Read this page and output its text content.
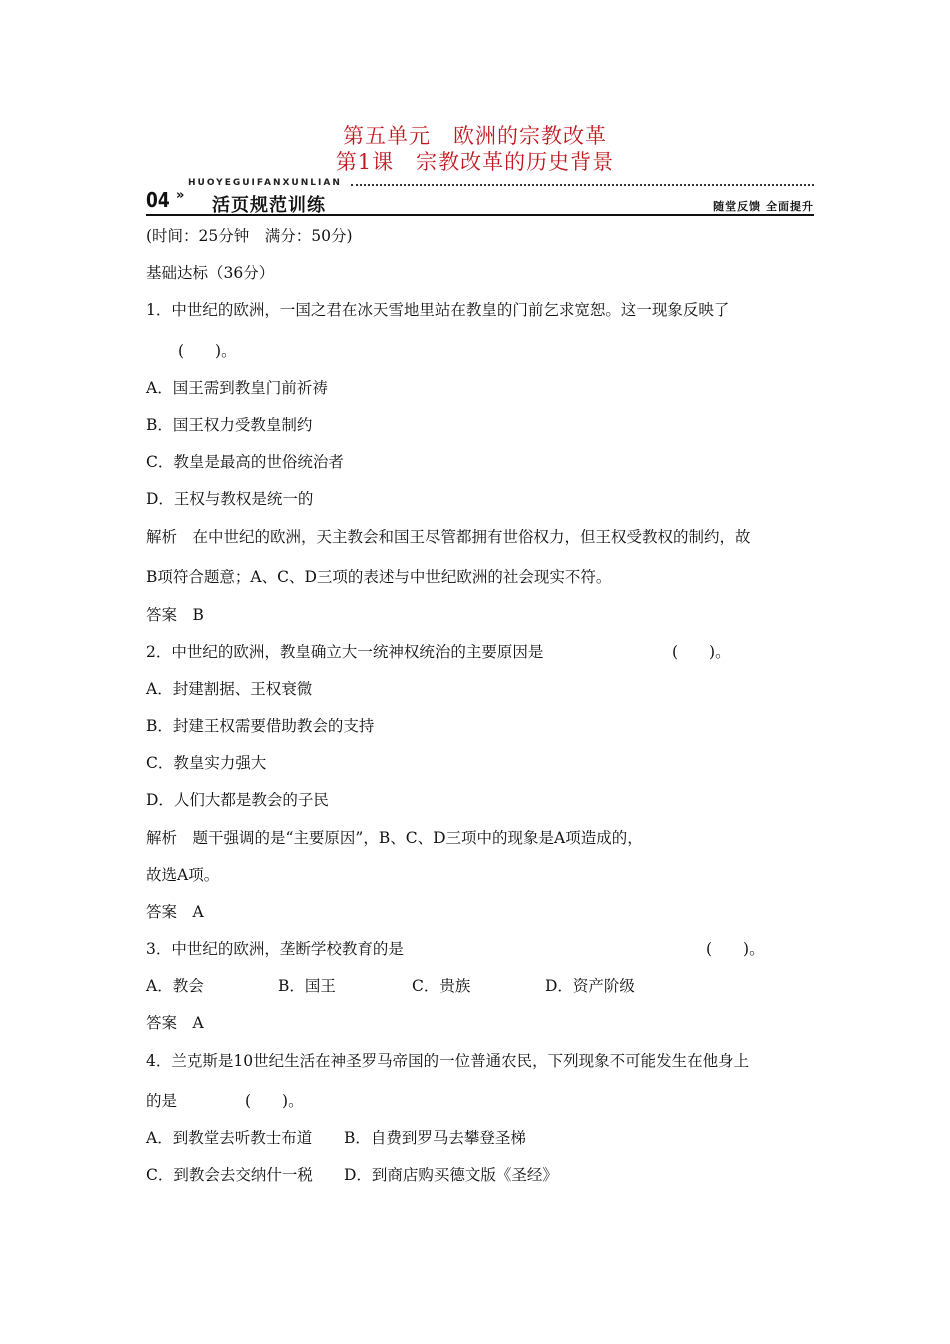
第五单元　欧洲的宗教改革
第1课　宗教改革的历史背景
HUOYEGUIFANXUNLIAN
04 » 活页规范训练	随堂反馈 全面提升
(时间：25分钟　满分：50分)
基础达标（36分）
1．中世纪的欧洲，一国之君在冰天雪地里站在教皇的门前乞求宽恕。这一现象反映了
(　　)。
A．国王需到教皇门前祈祷
B．国王权力受教皇制约
C．教皇是最高的世俗统治者
D．王权与教权是统一的
解析　在中世纪的欧洲，天主教会和国王尽管都拥有世俗权力，但王权受教权的制约，故
B项符合题意；A、C、D三项的表述与中世纪欧洲的社会现实不符。
答案　B
2．中世纪的欧洲，教皇确立大一统神权统治的主要原因是	(　　)。
A．封建割据、王权衰微
B．封建王权需要借助教会的支持
C．教皇实力强大
D．人们大都是教会的子民
解析　题干强调的是“主要原因”，B、C、D三项中的现象是A项造成的，
故选A项。
答案　A
3．中世纪的欧洲，垄断学校教育的是	(　　)。
A．教会	B．国王	C．贵族	D．资产阶级
答案　A
4．兰克斯是10世纪生活在神圣罗马帝国的一位普通农民，下列现象不可能发生在他身上
的是	(　　)。
A．到教堂去听教士布道 B．自费到罗马去攀登圣梯
C．到教会去交纳什一税 D．到商店购买德文版《圣经》
